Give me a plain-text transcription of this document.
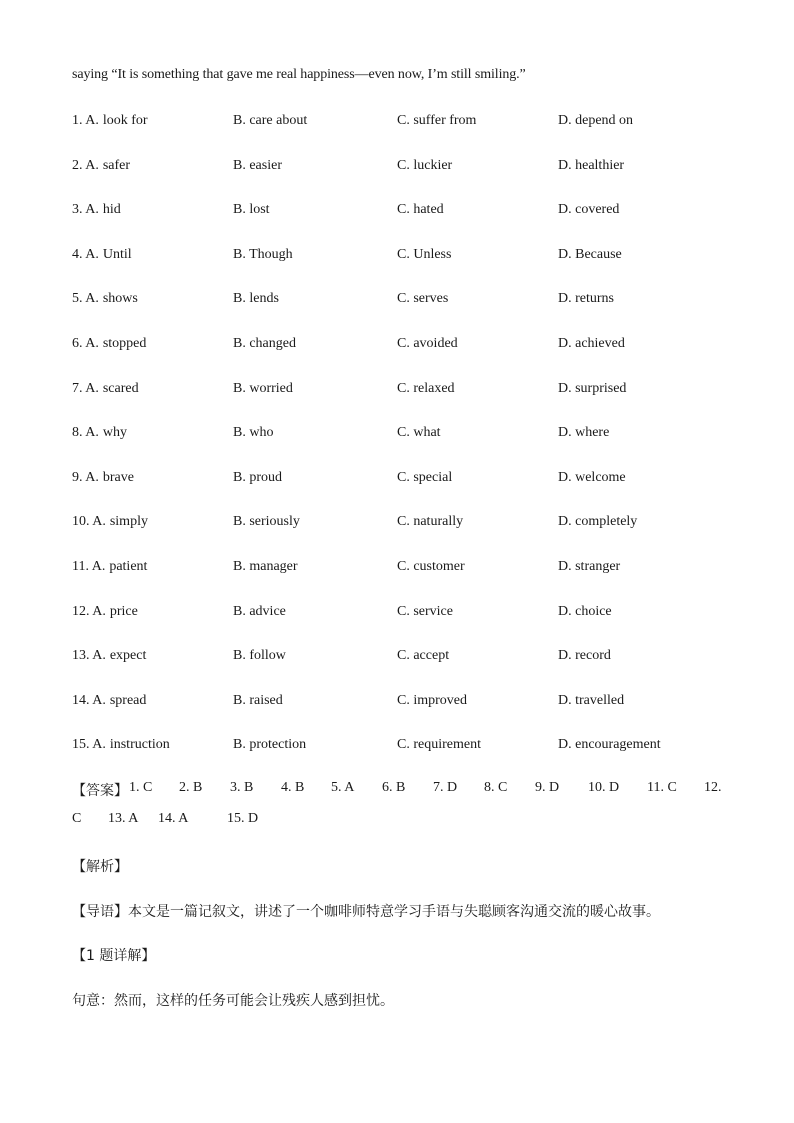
saying “It is something that gave me real happiness—even now, I’m still smiling.”
1. A. look for	B. care about	C. suffer from	D. depend on
2. A. safer	B. easier	C. luckier	D. healthier
3. A. hid	B. lost	C. hated	D. covered
4. A. Until	B. Though	C. Unless	D. Because
5. A. shows	B. lends	C. serves	D. returns
6. A. stopped	B. changed	C. avoided	D. achieved
7. A. scared	B. worried	C. relaxed	D. surprised
8. A. why	B. who	C. what	D. where
9. A. brave	B. proud	C. special	D. welcome
10. A. simply	B. seriously	C. naturally	D. completely
11. A. patient	B. manager	C. customer	D. stranger
12. A. price	B. advice	C. service	D. choice
13. A. expect	B. follow	C. accept	D. record
14. A. spread	B. raised	C. improved	D. travelled
15. A. instruction	B. protection	C. requirement	D. encouragement
【答案】 1. C 2. B 3. B 4. B 5. A 6. B 7. D 8. C 9. D 10. D 11. C 12.
C 13. A 14. A	15. D
【解析】
【导语】本文是一篇记叙文，讲述了一个咖啡师特意学习手语与失聪顾客沟通交流的暖心故事。
【1 题详解】
句意：然而，这样的任务可能会让残疾人感到担忧。
